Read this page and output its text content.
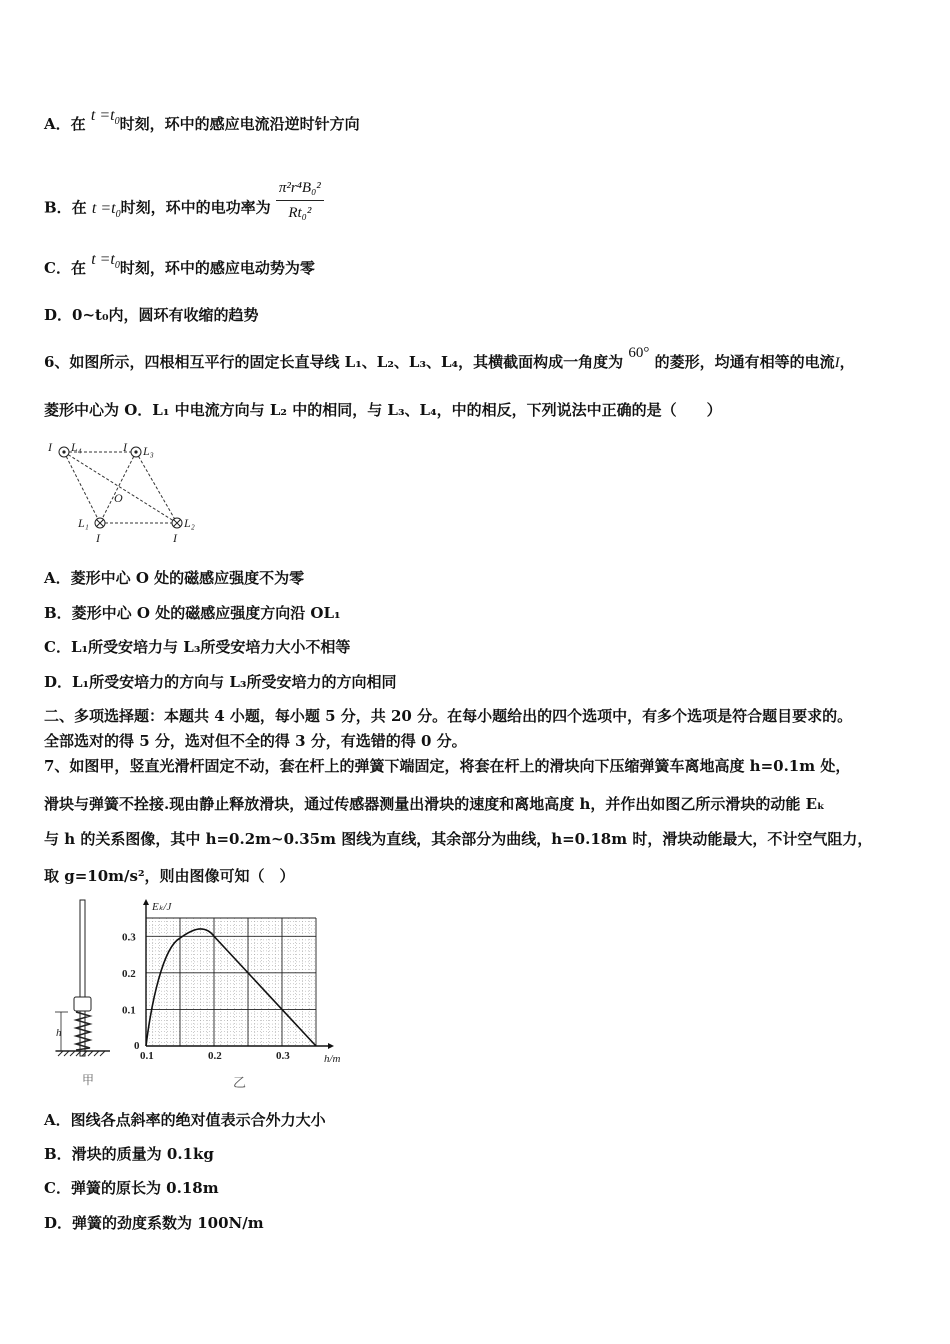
A．在 $t =t_0$时刻，环中的感应电流沿逆时针方向
B．在 $t =t_0$时刻，环中的电功率为 $\frac{\text{π²r⁴B₀²}}{\text{Rt₀²}}$
C．在 $t =t_0$时刻，环中的感应电动势为零
D．0~t₀内，圆环有收缩的趋势
6、如图所示，四根相互平行的固定长直导线 L₁、L₂、L₃、L₄，其横截面构成一角度为 60° 的菱形，均通有相等的电流I，
菱形中心为 O．L₁ 中电流方向与 L₂ 中的相同，与 L₃、L₄，中的相反，下列说法中正确的是（　　）
I L₄	I L₃
O
L₁
I
L₂
I
A．菱形中心 O 处的磁感应强度不为零
B．菱形中心 O 处的磁感应强度方向沿 OL₁
C．L₁所受安培力与 L₃所受安培力大小不相等
D．L₁所受安培力的方向与 L₃所受安培力的方向相同
二、多项选择题：本题共 4 小题，每小题 5 分，共 20 分。在每小题给出的四个选项中，有多个选项是符合题目要求的。
全部选对的得 5 分，选对但不全的得 3 分，有选错的得 0 分。
7、如图甲，竖直光滑杆固定不动，套在杆上的弹簧下端固定，将套在杆上的滑块向下压缩弹簧车离地高度 h=0.1m 处，
滑块与弹簧不拴接.现由静止释放滑块，通过传感器测量出滑块的速度和离地高度 h，并作出如图乙所示滑块的动能 Eₖ
与 h 的关系图像，其中 h=0.2m~0.35m 图线为直线，其余部分为曲线，h=0.18m 时，滑块动能最大，不计空气阻力，
取 g=10m/s²，则由图像可知（　）
h
甲
0.1	0.2	0.3
0.1
0.2
0.3
0
Eₖ/J
h/m
乙
A．图线各点斜率的绝对值表示合外力大小
B．滑块的质量为 0.1kg
C．弹簧的原长为 0.18m
D．弹簧的劲度系数为 100N/m
